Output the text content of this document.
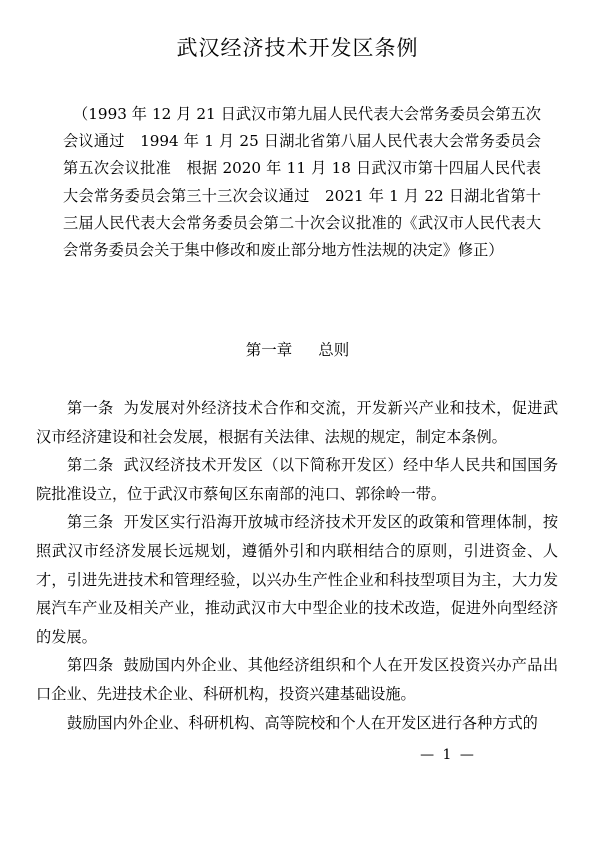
武汉经济技术开发区条例
（1993 年 12 月 21 日武汉市第九届人民代表大会常务委员会第五次会议通过　1994 年 1 月 25 日湖北省第八届人民代表大会常务委员会第五次会议批准　根据 2020 年 11 月 18 日武汉市第十四届人民代表大会常务委员会第三十三次会议通过　2021 年 1 月 22 日湖北省第十三届人民代表大会常务委员会第二十次会议批准的《武汉市人民代表大会常务委员会关于集中修改和废止部分地方性法规的决定》修正）
第一章 总则

第一条 为发展对外经济技术合作和交流，开发新兴产业和技术，促进武汉市经济建设和社会发展，根据有关法律、法规的规定，制定本条例。

第二条 武汉经济技术开发区（以下简称开发区）经中华人民共和国国务院批准设立，位于武汉市蔡甸区东南部的沌口、郭徐岭一带。

第三条 开发区实行沿海开放城市经济技术开发区的政策和管理体制，按照武汉市经济发展长远规划，遵循外引和内联相结合的原则，引进资金、人才，引进先进技术和管理经验，以兴办生产性企业和科技型项目为主，大力发展汽车产业及相关产业，推动武汉市大中型企业的技术改造，促进外向型经济的发展。

第四条 鼓励国内外企业、其他经济组织和个人在开发区投资兴办产品出口企业、先进技术企业、科研机构，投资兴建基础设施。

鼓励国内外企业、科研机构、高等院校和个人在开发区进行各种方式的

— 1 —
